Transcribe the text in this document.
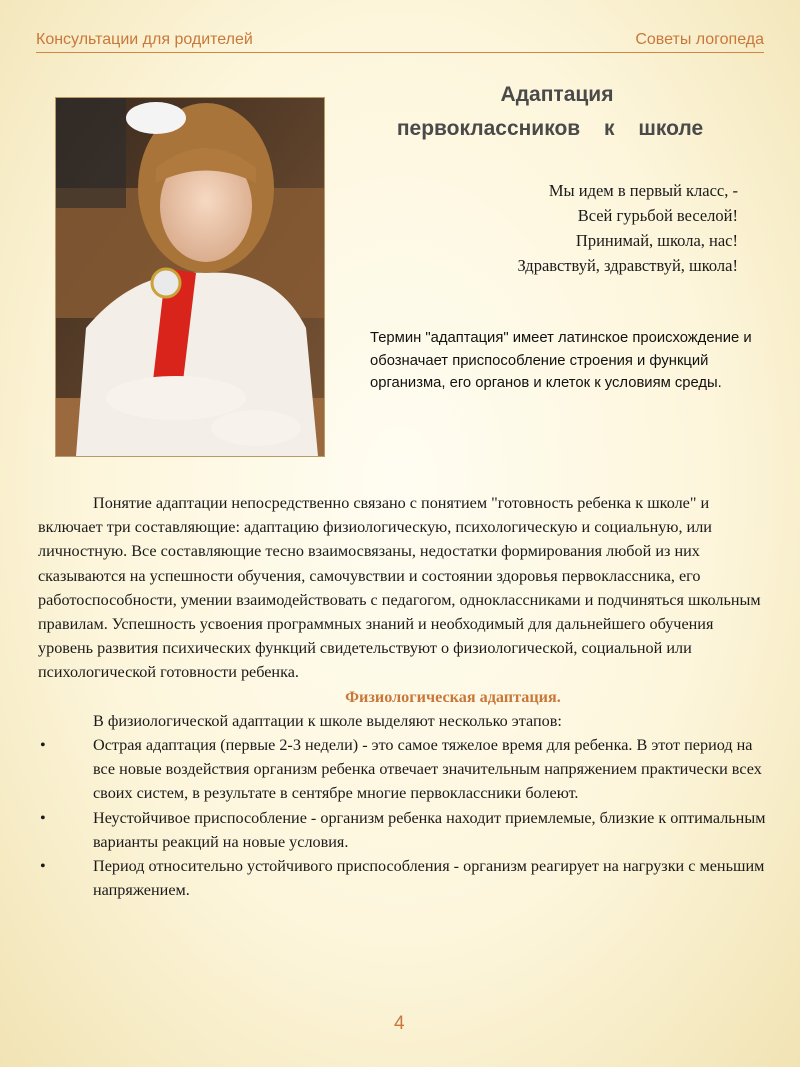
Консультации для родителей	Советы логопеда
Адаптация
первоклассников к школе
Мы идем в первый класс, -
Всей гурьбой веселой!
Принимай, школа, нас!
Здравствуй, здравствуй, школа!
Термин "адаптация" имеет латинское происхождение и обозначает приспособление строения и функций организма, его органов и клеток к условиям среды.

Понятие адаптации непосредственно связано с понятием "готовность ребенка к школе" и включает три составляющие: адаптацию физиологическую, психологическую и социальную, или личностную. Все составляющие тесно взаимосвязаны, недостатки формирования любой из них сказываются на успешности обучения, самочувствии и состоянии здоровья первоклассника, его работоспособности, умении взаимодействовать с педагогом, одноклассниками и подчиняться школьным правилам. Успешность усвоения программных знаний и необходимый для дальнейшего обучения уровень развития психических функций свидетельствуют о физиологической, социальной или психологической готовности ребенка.

Физиологическая адаптация.

В физиологической адаптации к школе выделяют несколько этапов:

•	Острая адаптация (первые 2-3 недели) - это самое тяжелое время для ребенка. В этот период на все новые воздействия организм ребенка отвечает значительным напряжением практически всех своих систем, в результате в сентябре многие первоклассники болеют.
•	Неустойчивое приспособление - организм ребенка находит приемлемые, близкие к оптимальным варианты реакций на новые условия.
•	Период относительно устойчивого приспособления - организм реагирует на нагрузки с меньшим напряжением.
4
